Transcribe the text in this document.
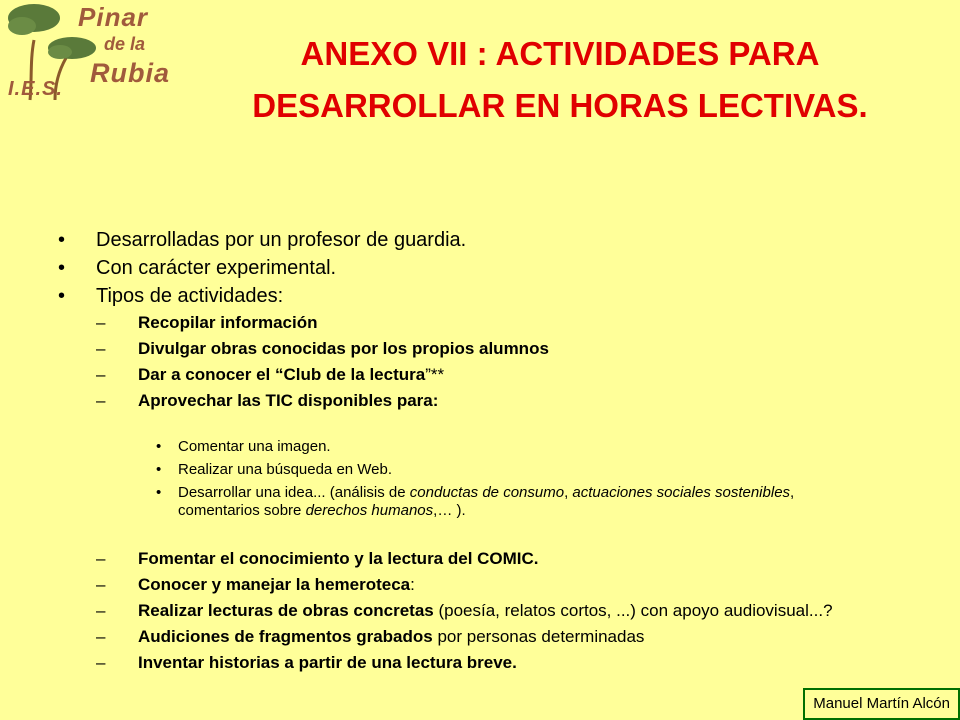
Pinar
de la
Rubia
I.E.S.
ANEXO VII : ACTIVIDADES PARA DESARROLLAR EN HORAS LECTIVAS.
• Desarrolladas por un profesor de guardia.
• Con carácter experimental.
• Tipos de actividades:
– Recopilar información
– Divulgar obras conocidas por los propios alumnos
– Dar a conocer el “Club de la lectura”**
– Aprovechar las TIC disponibles para:
• Comentar una imagen.
• Realizar una búsqueda en Web.
• Desarrollar una idea... (análisis de conductas de consumo, actuaciones sociales sostenibles, comentarios sobre derechos humanos,… ).
– Fomentar el conocimiento y la lectura del COMIC.
– Conocer y manejar la hemeroteca:
– Realizar lecturas de obras concretas (poesía, relatos cortos, ...) con apoyo audiovisual...?
– Audiciones de fragmentos grabados por personas determinadas
– Inventar historias a partir de una lectura breve.
Manuel Martín Alcón
